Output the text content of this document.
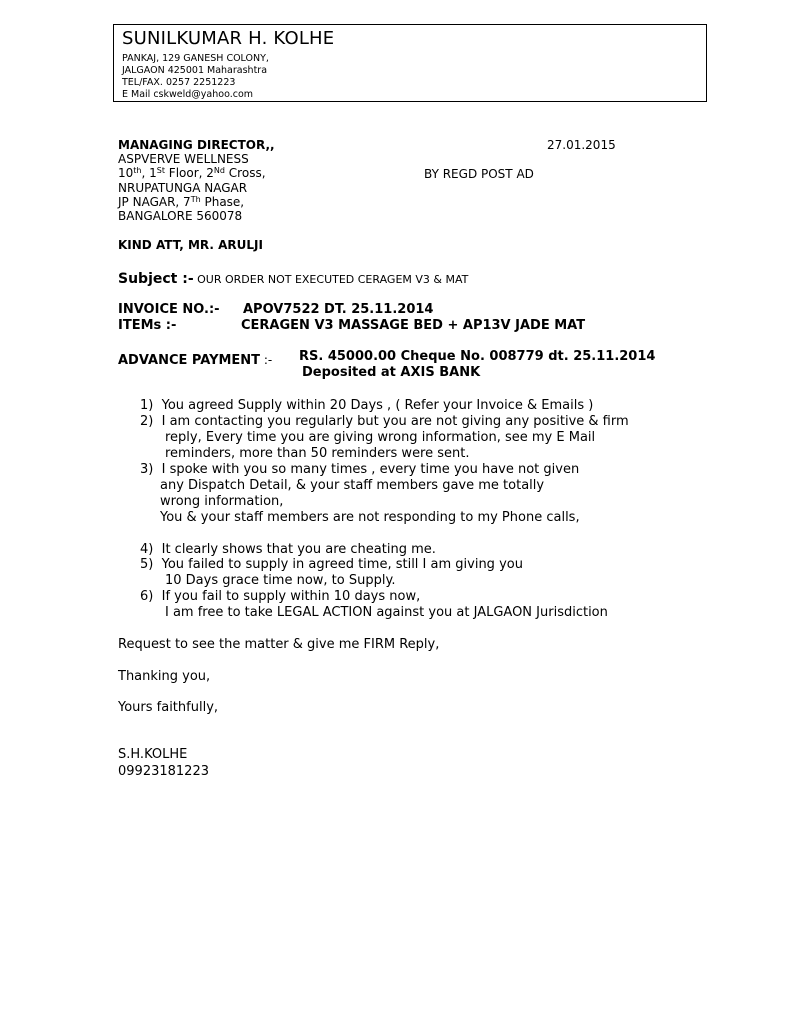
SUNILKUMAR H. KOLHE
PANKAJ, 129 GANESH COLONY,
JALGAON 425001 Maharashtra
TEL/FAX. 0257 2251223
E Mail cskweld@yahoo.com
MANAGING DIRECTOR,,	27.01.2015
ASPVERVE WELLNESS
10th, 1St Floor, 2Nd Cross,	BY REGD POST AD
NRUPATUNGA NAGAR
JP NAGAR, 7Th Phase,
BANGALORE 560078
KIND ATT, MR. ARULJI
Subject :- OUR ORDER NOT EXECUTED CERAGEM V3 & MAT
INVOICE NO.:- APOV7522 DT. 25.11.2014
ITEMs :-	CERAGEN V3 MASSAGE BED + AP13V JADE MAT
ADVANCE PAYMENT :- RS. 45000.00 Cheque No. 008779 dt. 25.11.2014
Deposited at AXIS BANK
1) You agreed Supply within 20 Days , ( Refer your Invoice & Emails )
2) I am contacting you regularly but you are not giving any positive & firm
reply, Every time you are giving wrong information, see my E Mail
reminders, more than 50 reminders were sent.
3) I spoke with you so many times , every time you have not given
any Dispatch Detail, & your staff members gave me totally
wrong information,
You & your staff members are not responding to my Phone calls,
4) It clearly shows that you are cheating me.
5) You failed to supply in agreed time, still I am giving you
10 Days grace time now, to Supply.
6) If you fail to supply within 10 days now,
I am free to take LEGAL ACTION against you at JALGAON Jurisdiction
Request to see the matter & give me FIRM Reply,
Thanking you,
Yours faithfully,
S.H.KOLHE
09923181223
